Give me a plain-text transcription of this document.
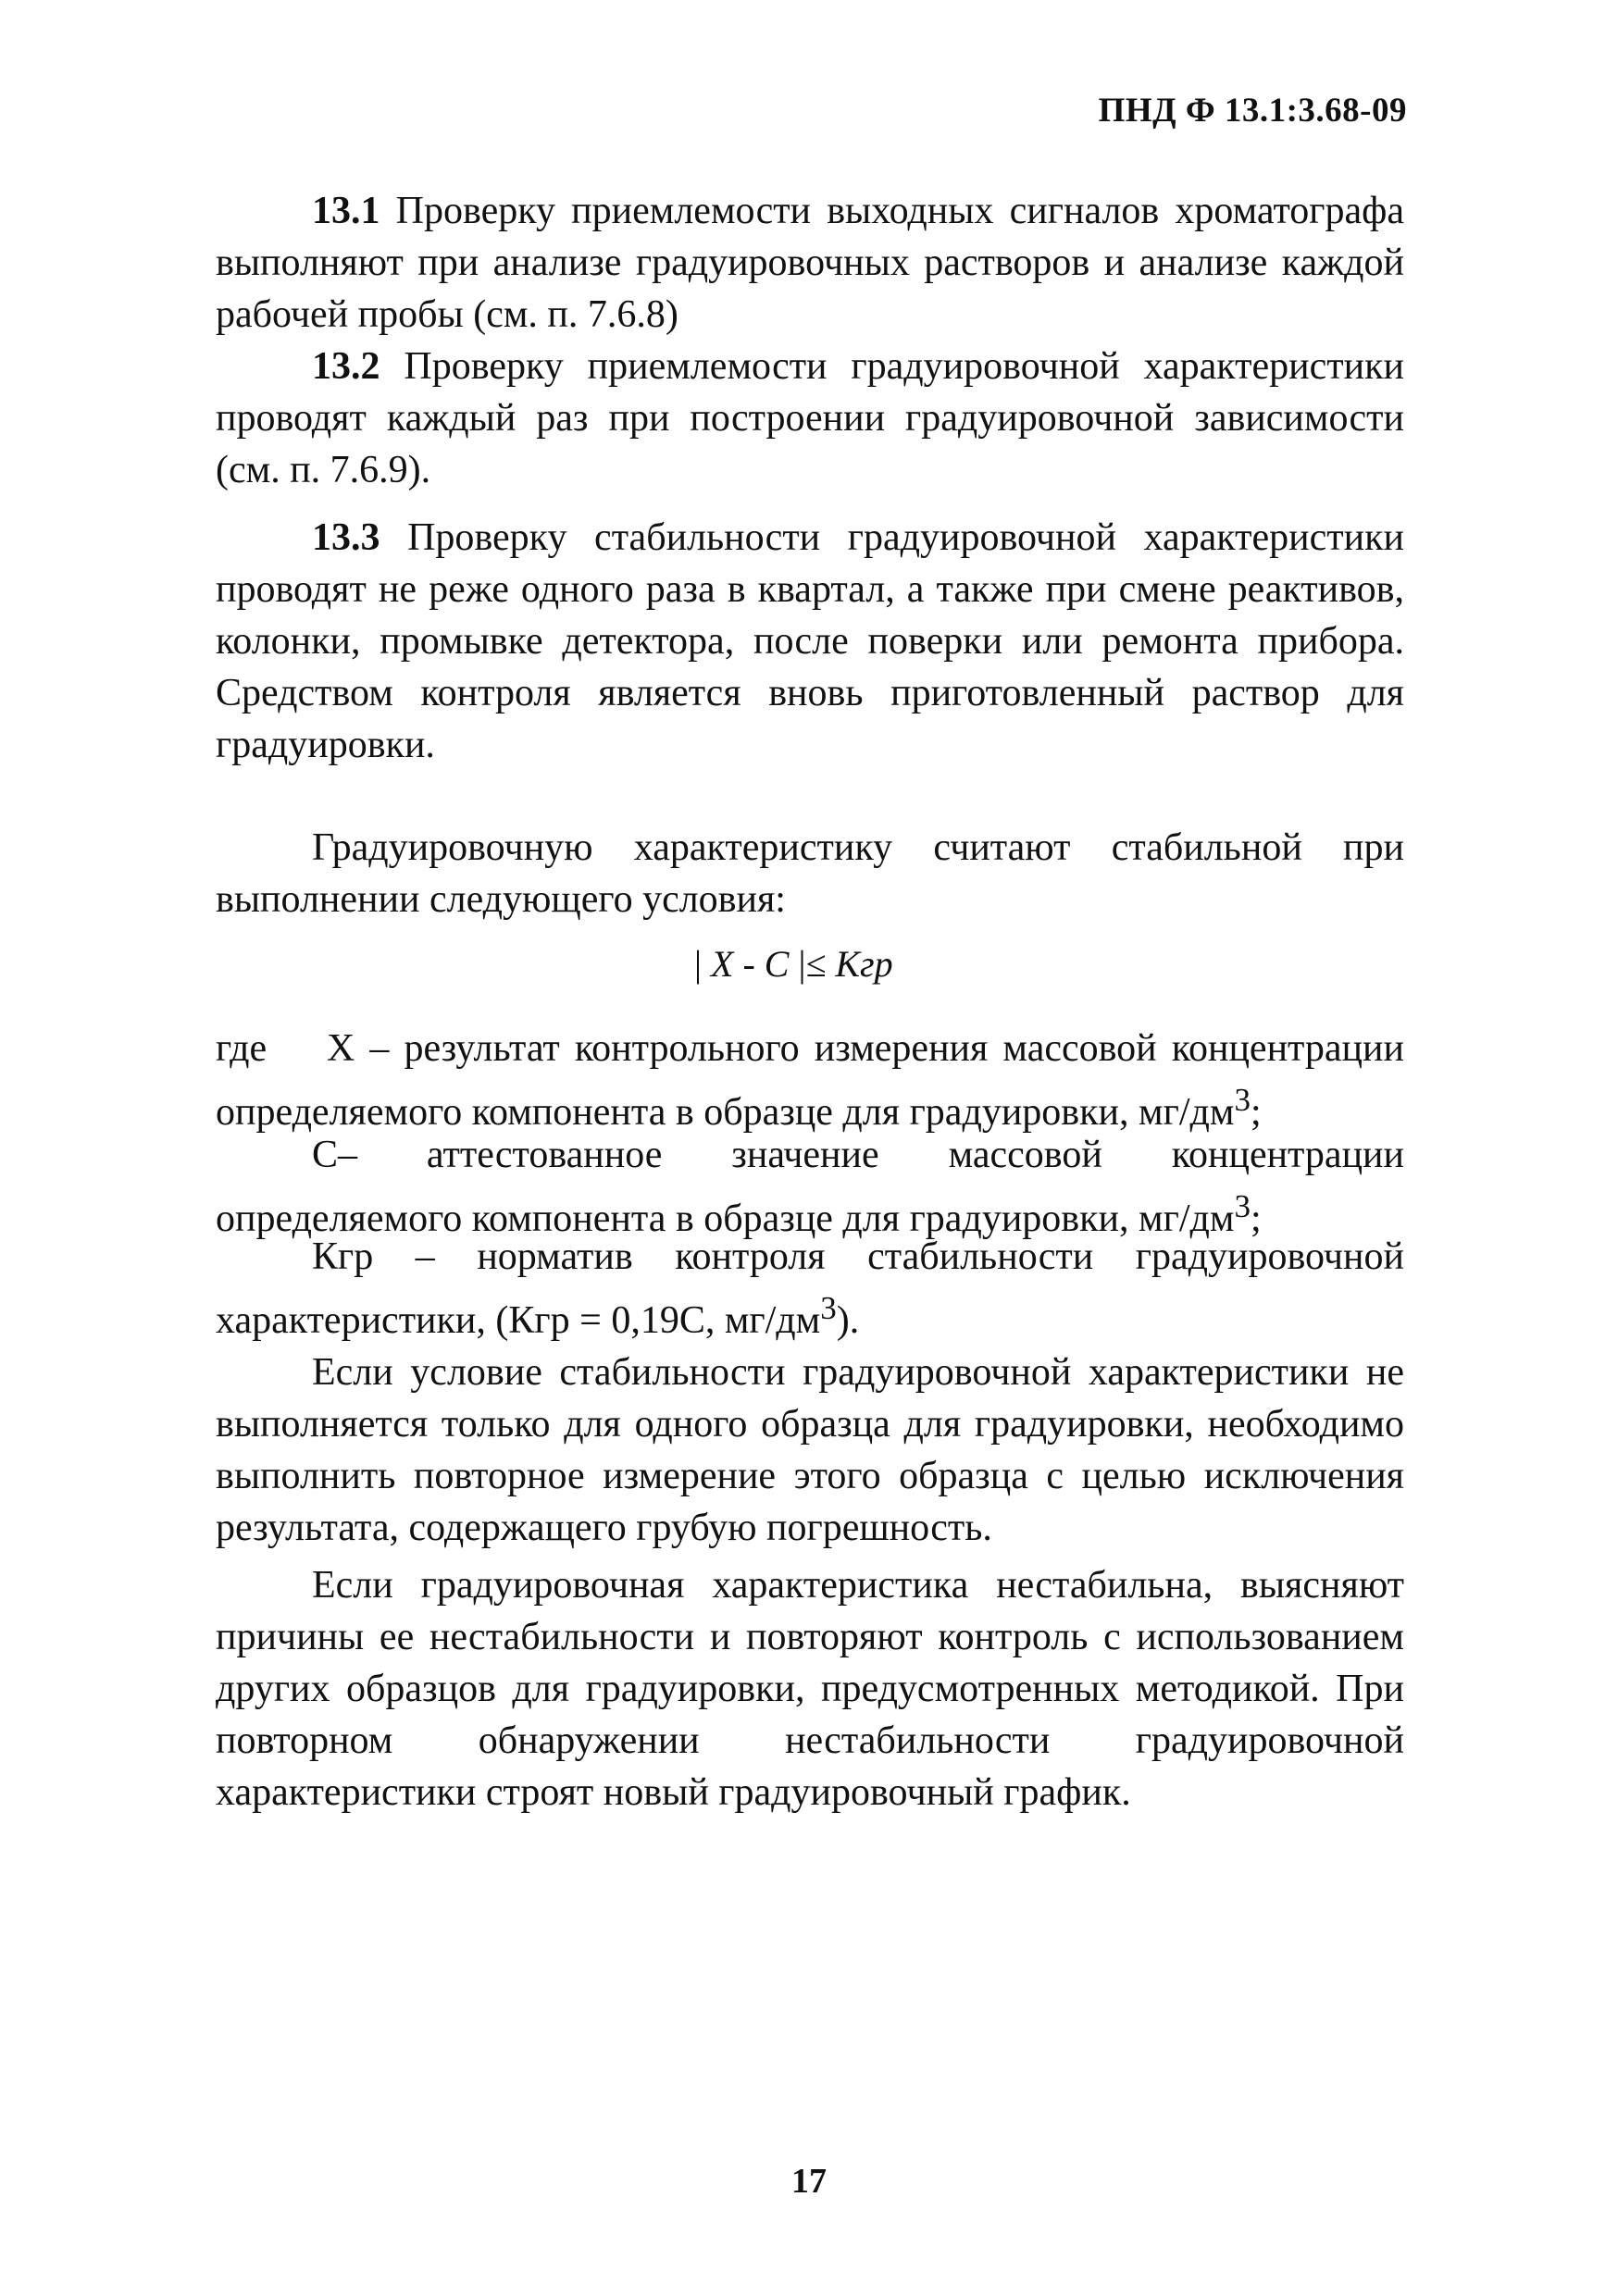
ПНД Ф 13.1:3.68-09

13.1 Проверку приемлемости выходных сигналов хроматографа выполняют при анализе градуировочных растворов и анализе каждой рабочей пробы (см. п. 7.6.8)

13.2 Проверку приемлемости градуировочной характеристики проводят каждый раз при построении градуировочной зависимости (см. п. 7.6.9).

13.3 Проверку стабильности градуировочной характеристики проводят не реже одного раза в квартал, а также при смене реактивов, колонки, промывке детектора, после поверки или ремонта прибора. Средством контроля является вновь приготовленный раствор для градуировки.

Градуировочную характеристику считают стабильной при выполнении следующего условия:

| X - C |≤ Кгр

где X – результат контрольного измерения массовой концентрации определяемого компонента в образце для градуировки, $мг/дм^3$;

С– аттестованное значение массовой концентрации определяемого компонента в образце для градуировки, $мг/дм^3$;

Кгр – норматив контроля стабильности градуировочной характеристики, (Кгр = 0,19С, $мг/дм^3$).

Если условие стабильности градуировочной характеристики не выполняется только для одного образца для градуировки, необходимо выполнить повторное измерение этого образца с целью исключения результата, содержащего грубую погрешность.

Если градуировочная характеристика нестабильна, выясняют причины ее нестабильности и повторяют контроль с использованием других образцов для градуировки, предусмотренных методикой. При повторном обнаружении нестабильности градуировочной характеристики строят новый градуировочный график.

17
